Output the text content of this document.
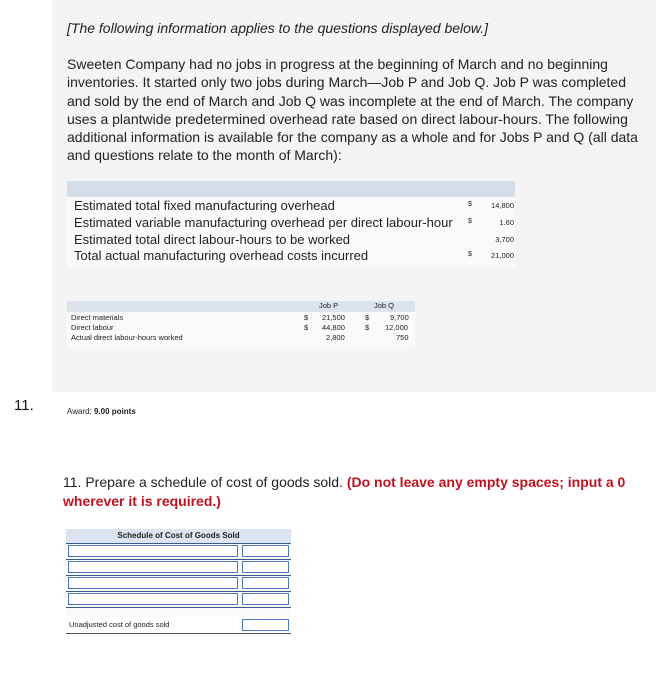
[The following information applies to the questions displayed below.]
Sweeten Company had no jobs in progress at the beginning of March and no beginning inventories. It started only two jobs during March—Job P and Job Q. Job P was completed and sold by the end of March and Job Q was incomplete at the end of March. The company uses a plantwide predetermined overhead rate based on direct labour-hours. The following additional information is available for the company as a whole and for Jobs P and Q (all data and questions relate to the month of March):
Estimated total fixed manufacturing overhead	$	14,800
Estimated variable manufacturing overhead per direct labour-hour $	1.60
Estimated total direct labour-hours to be worked	3,700
Total actual manufacturing overhead costs incurred	$	21,000
Job P	Job Q
Direct materials	$ 21,500	$	9,700
Direct labour	$ 44,800	$ 12,000
Actual direct labour-hours worked	2,800	750
11.	Award: 9.00 points
11. Prepare a schedule of cost of goods sold. (Do not leave any empty spaces; input a 0 wherever it is required.)
Schedule of Cost of Goods Sold
Unadjusted cost of goods sold
